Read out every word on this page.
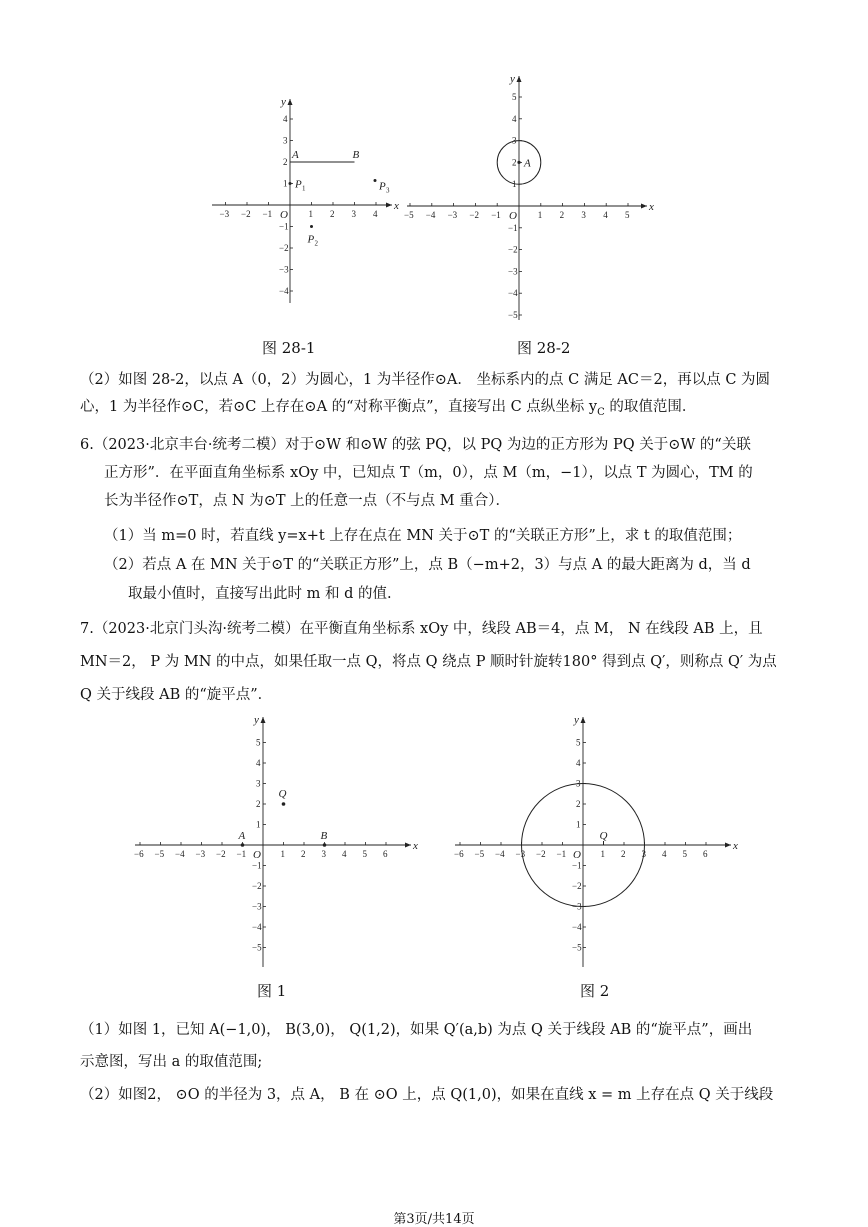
x
y
O
−3 −2 −1	1 2 3 4
4
3
2
1
−1
−2
−3
−4
A	B
P 1
P 2
P 3
图 28-1
x
y
O
−5 −4 −3 −2 −1	1 2 3 4 5
5
4
3
2
1
−1
−2
−3
−4
−5
A
图 28-2
（2）如图 28-2，以点 A（0，2）为圆心，1 为半径作⊙A． 坐标系内的点 C 满足 AC＝2，再以点 C 为圆
心，1 为半径作⊙C，若⊙C 上存在⊙A 的“对称平衡点”，直接写出 C 点纵坐标 $y_C$ 的取值范围．
6.（2023·北京丰台·统考二模）对于⊙W 和⊙W 的弦 PQ，以 PQ 为边的正方形为 PQ 关于⊙W 的“关联
正方形”．在平面直角坐标系 xOy 中，已知点 T（m，0），点 M（m，−1），以点 T 为圆心，TM 的
长为半径作⊙T，点 N 为⊙T 上的任意一点（不与点 M 重合）．
（1）当 m=0 时，若直线 y=x+t 上存在点在 MN 关于⊙T 的“关联正方形”上，求 t 的取值范围；
（2）若点 A 在 MN 关于⊙T 的“关联正方形”上，点 B（−m+2，3）与点 A 的最大距离为 d，当 d
取最小值时，直接写出此时 m 和 d 的值.
7.（2023·北京门头沟·统考二模）在平衡直角坐标系 xOy 中，线段 AB＝4，点 M， N 在线段 AB 上，且
MN＝2， P 为 MN 的中点，如果任取一点 Q，将点 Q 绕点 P 顺时针旋转180° 得到点 Q′，则称点 Q′ 为点
Q 关于线段 AB 的“旋平点”．
x
y
O
−6 −5 −4 −3 −2 −1	1 2 3 4 5 6
5
4
3
2
1
−1
−2
−3
−4
−5
A	B
Q
图 1
x
y
O
−6 −5 −4 −3 −2 −1	1 2 3 4 5 6
5
4
3
2
1
−1
−2
−3
−4
−5
Q
图 2
（1）如图 1，已知 A(−1,0)， B(3,0)， Q(1,2)，如果 Q′(a,b) 为点 Q 关于线段 AB 的“旋平点”，画出
示意图，写出 a 的取值范围;
（2）如图2， ⊙O 的半径为 3，点 A， B 在 ⊙O 上，点 Q(1,0)，如果在直线 x = m 上存在点 Q 关于线段
第3页/共14页
